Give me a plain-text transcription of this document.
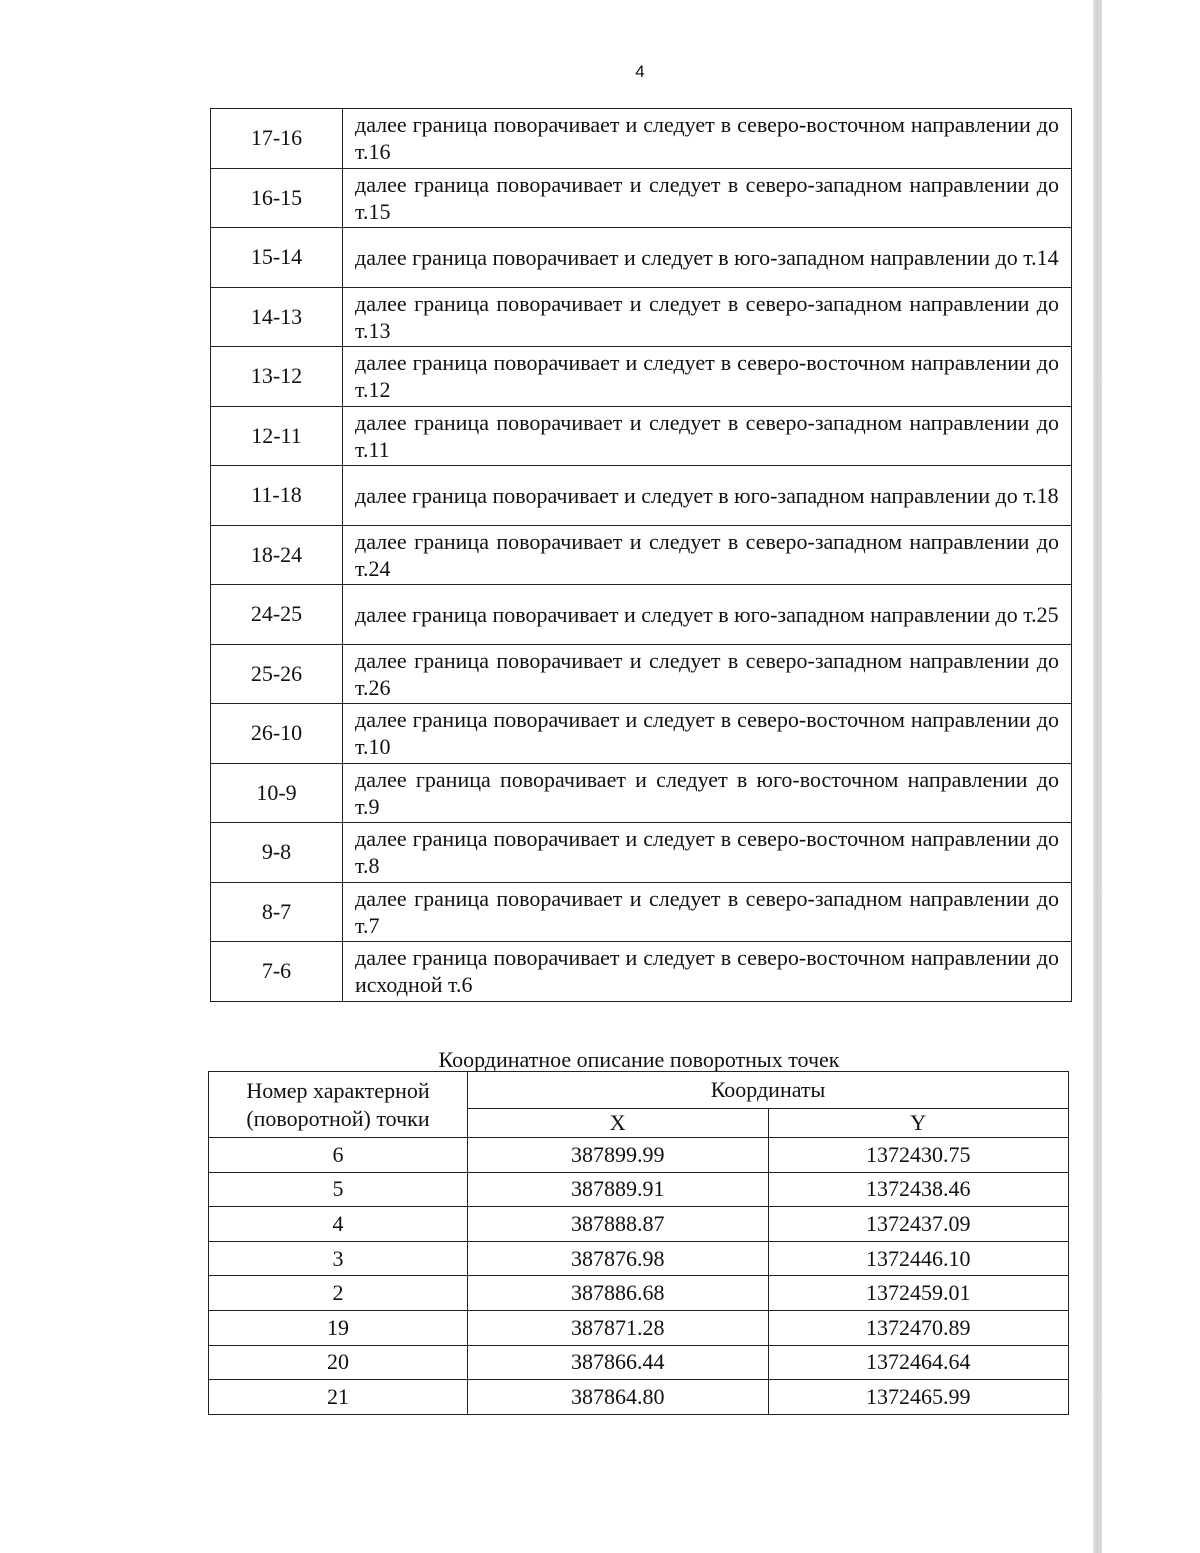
4
17-16	далее граница поворачивает и следует в северо-восточном направлении до т.16
16-15	далее граница поворачивает и следует в северо-западном направлении до т.15
15-14	далее граница поворачивает и следует в юго-западном направлении до т.14
14-13	далее граница поворачивает и следует в северо-западном направлении до т.13
13-12	далее граница поворачивает и следует в северо-восточном направлении до т.12
12-11	далее граница поворачивает и следует в северо-западном направлении до т.11
11-18	далее граница поворачивает и следует в юго-западном направлении до т.18
18-24	далее граница поворачивает и следует в северо-западном направлении до т.24
24-25	далее граница поворачивает и следует в юго-западном направлении до т.25
25-26	далее граница поворачивает и следует в северо-западном направлении до т.26
26-10	далее граница поворачивает и следует в северо-восточном направлении до т.10
10-9	далее граница поворачивает и следует в юго-восточном направлении до т.9
9-8	далее граница поворачивает и следует в северо-восточном направлении до т.8
8-7	далее граница поворачивает и следует в северо-западном направлении до т.7
7-6	далее граница поворачивает и следует в северо-восточном направлении до исходной т.6
Координатное описание поворотных точек
Номер характерной (поворотной) точки	Координаты	
	X	Y
6	387899.99	1372430.75
5	387889.91	1372438.46
4	387888.87	1372437.09
3	387876.98	1372446.10
2	387886.68	1372459.01
19	387871.28	1372470.89
20	387866.44	1372464.64
21	387864.80	1372465.99
